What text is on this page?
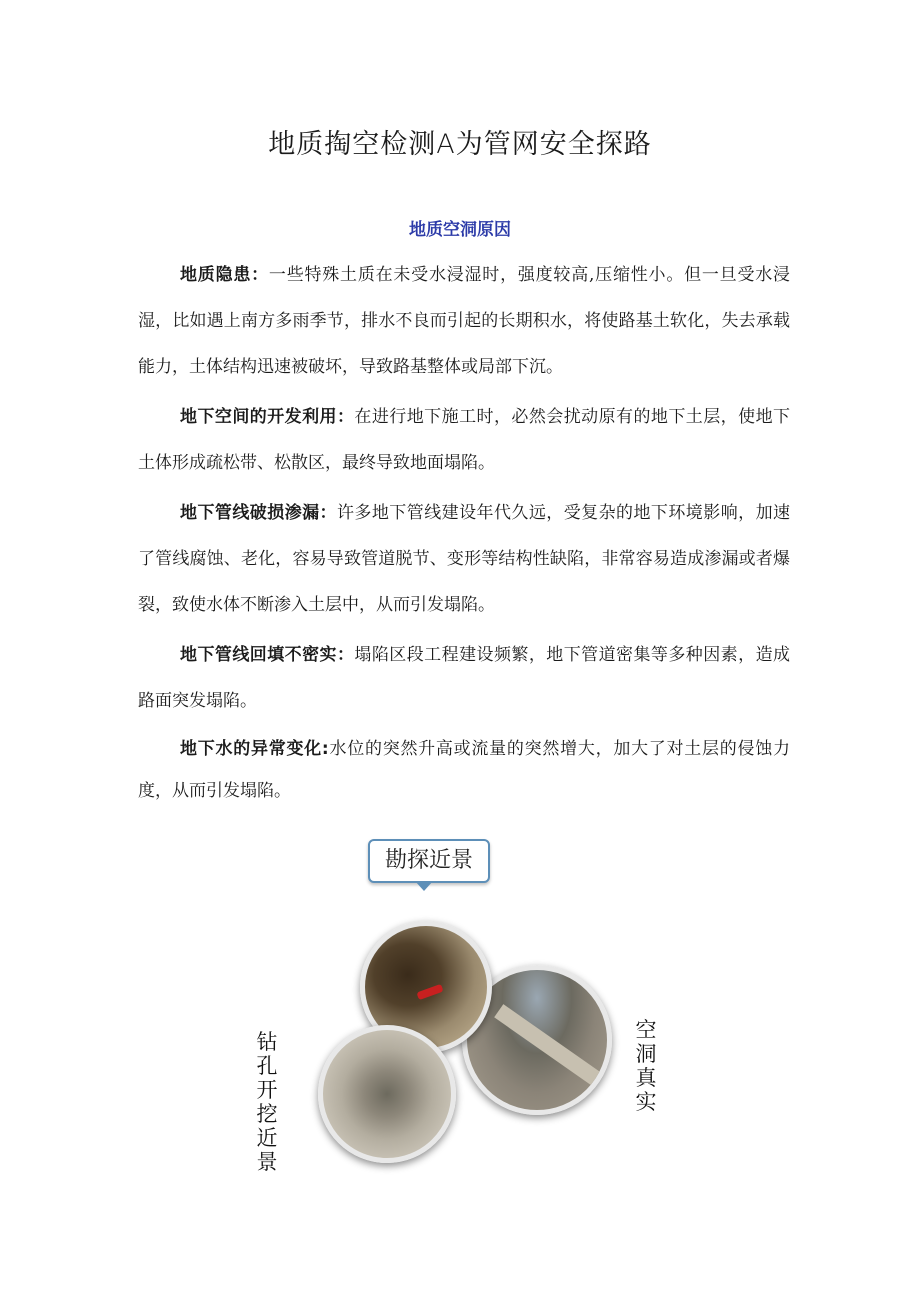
地质掏空检测A为管网安全探路
地质空洞原因

地质隐患：一些特殊土质在未受水浸湿时，强度较高,压缩性小。但一旦受水浸湿，比如遇上南方多雨季节，排水不良而引起的长期积水，将使路基土软化，失去承载能力，土体结构迅速被破坏，导致路基整体或局部下沉。

地下空间的开发利用：在进行地下施工时，必然会扰动原有的地下土层，使地下土体形成疏松带、松散区，最终导致地面塌陷。

地下管线破损渗漏：许多地下管线建设年代久远，受复杂的地下环境影响，加速了管线腐蚀、老化，容易导致管道脱节、变形等结构性缺陷，非常容易造成渗漏或者爆裂，致使水体不断渗入土层中，从而引发塌陷。

地下管线回填不密实：塌陷区段工程建设频繁，地下管道密集等多种因素，造成路面突发塌陷。

地下水的异常变化:水位的突然升高或流量的突然增大，加大了对土层的侵蚀力度，从而引发塌陷。

勘探近景
钻孔开挖近景
空洞真实
